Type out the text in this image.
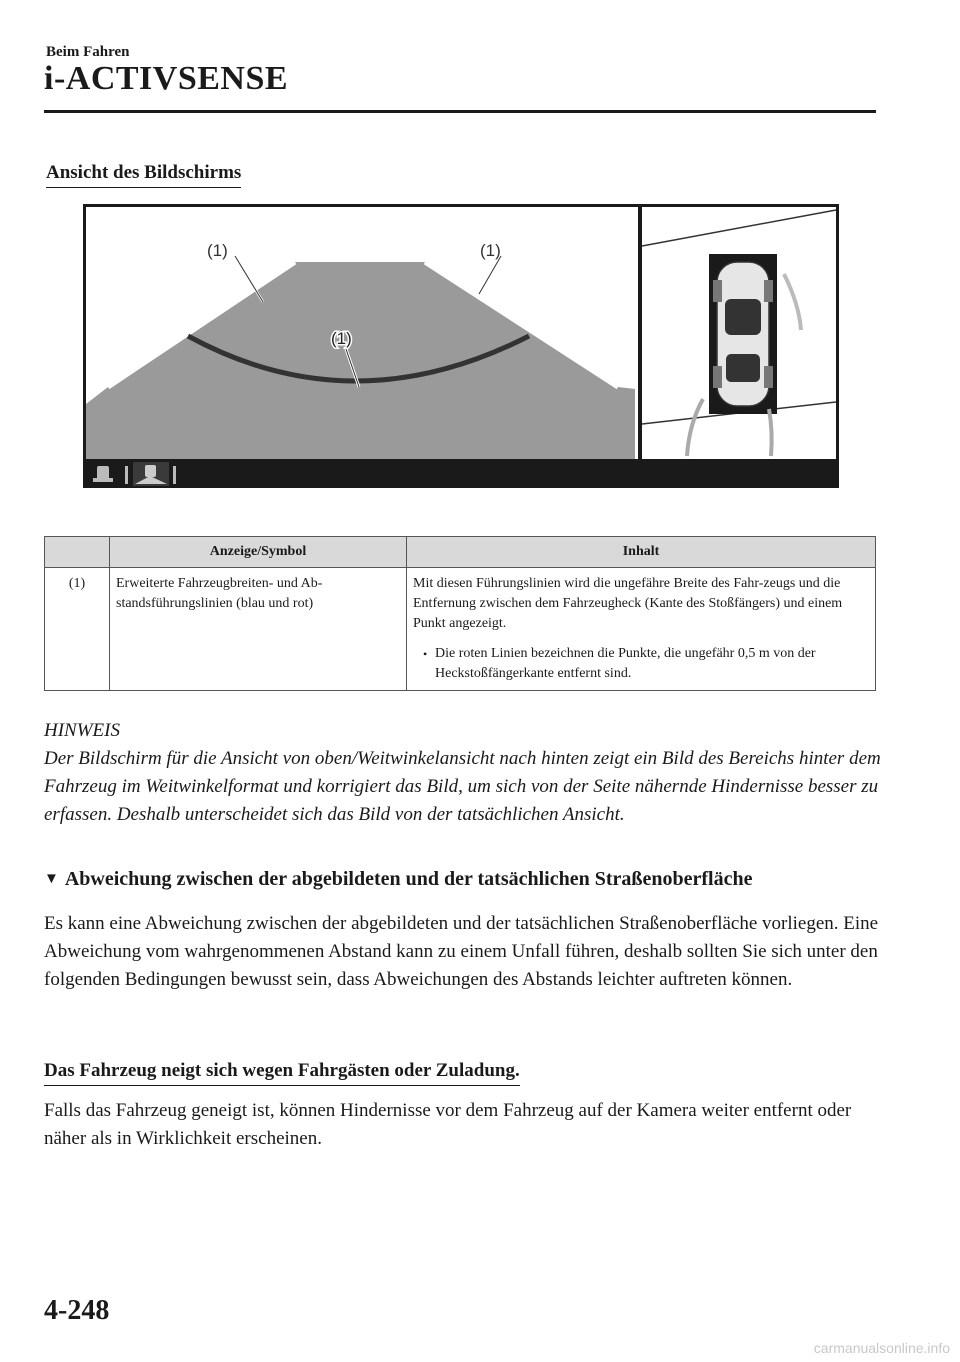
Beim Fahren
i-ACTIVSENSE
Ansicht des Bildschirms
(1)	(1)
(1)
	Anzeige/Symbol	Inhalt
(1)	Erweiterte Fahrzeugbreiten- und Ab-standsführungslinien (blau und rot)	Mit diesen Führungslinien wird die ungefähre Breite des Fahr-zeugs und die Entfernung zwischen dem Fahrzeugheck (Kante des Stoßfängers) und einem Punkt angezeigt.
• Die roten Linien bezeichnen die Punkte, die ungefähr 0,5 m von der Heckstoßfängerkante entfernt sind.
HINWEIS
Der Bildschirm für die Ansicht von oben/Weitwinkelansicht nach hinten zeigt ein Bild des Bereichs hinter dem Fahrzeug im Weitwinkelformat und korrigiert das Bild, um sich von der Seite nähernde Hindernisse besser zu erfassen. Deshalb unterscheidet sich das Bild von der tatsächlichen Ansicht.
▼ Abweichung zwischen der abgebildeten und der tatsächlichen Straßenoberfläche
Es kann eine Abweichung zwischen der abgebildeten und der tatsächlichen Straßenoberfläche vorliegen. Eine Abweichung vom wahrgenommenen Abstand kann zu einem Unfall führen, deshalb sollten Sie sich unter den folgenden Bedingungen bewusst sein, dass Abweichungen des Abstands leichter auftreten können.
Das Fahrzeug neigt sich wegen Fahrgästen oder Zuladung.
Falls das Fahrzeug geneigt ist, können Hindernisse vor dem Fahrzeug auf der Kamera weiter entfernt oder näher als in Wirklichkeit erscheinen.
4-248
carmanualsonline.info
